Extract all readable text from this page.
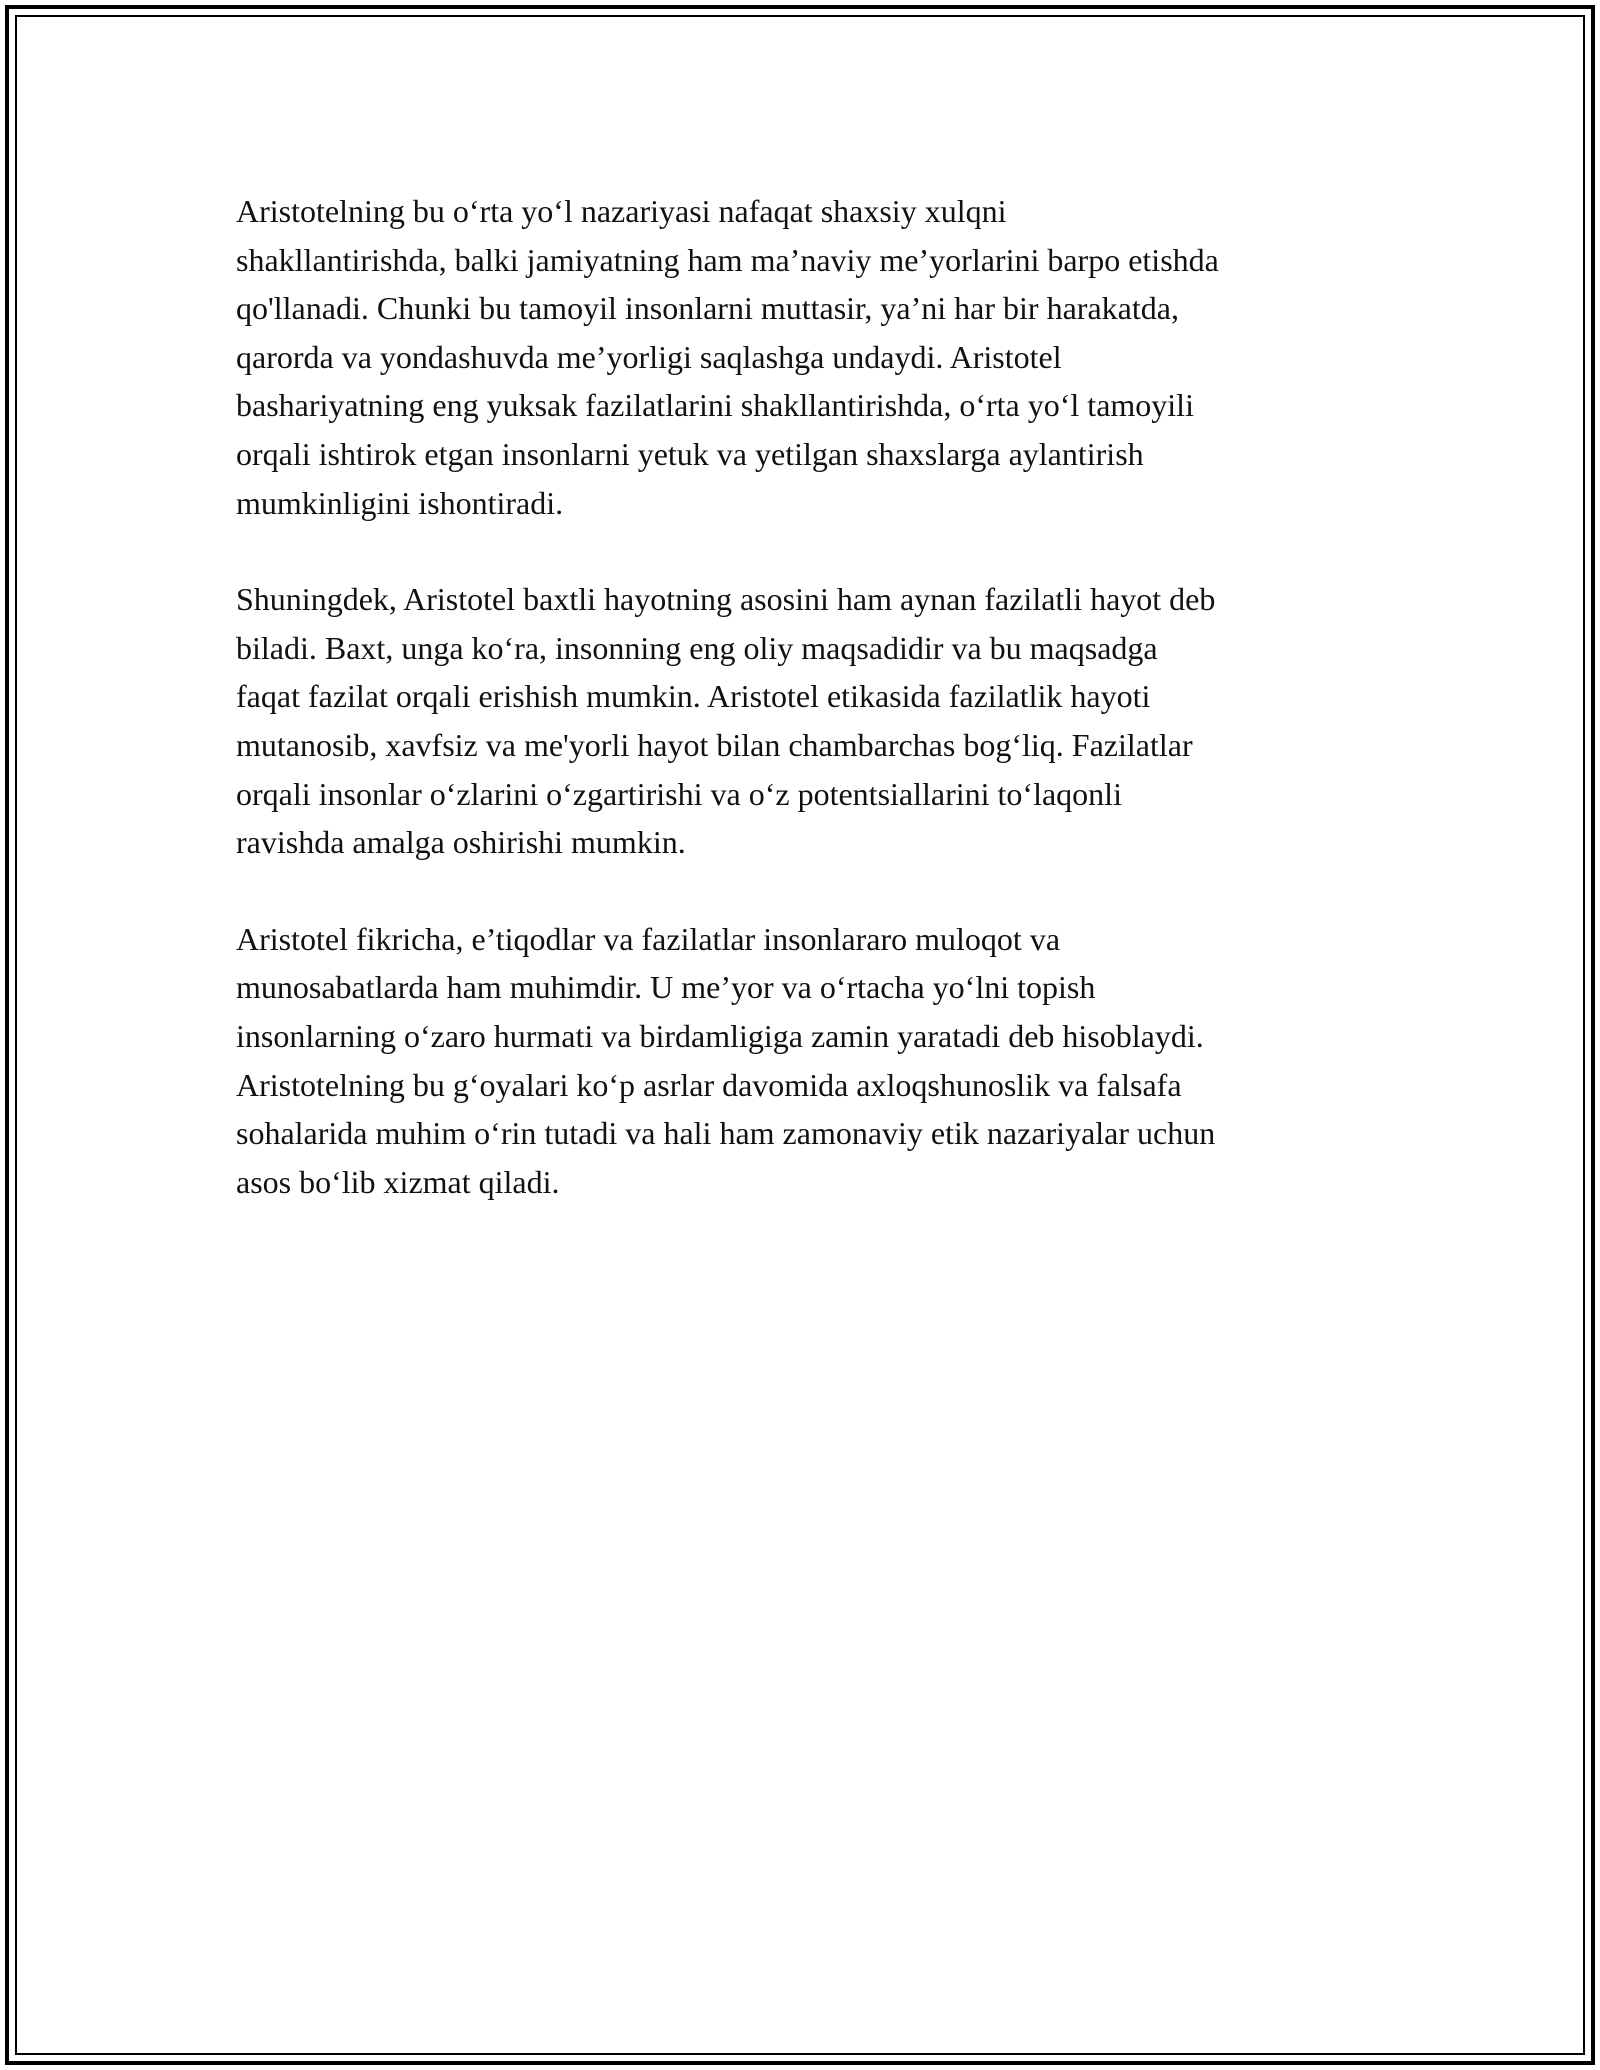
Aristotelning bu o‘rta yo‘l nazariyasi nafaqat shaxsiy xulqni
shakllantirishda, balki jamiyatning ham ma’naviy me’yorlarini barpo etishda
qo'llanadi. Chunki bu tamoyil insonlarni muttasir, ya’ni har bir harakatda,
qarorda va yondashuvda me’yorligi saqlashga undaydi. Aristotel
bashariyatning eng yuksak fazilatlarini shakllantirishda, o‘rta yo‘l tamoyili
orqali ishtirok etgan insonlarni yetuk va yetilgan shaxslarga aylantirish
mumkinligini ishontiradi.

Shuningdek, Aristotel baxtli hayotning asosini ham aynan fazilatli hayot deb
biladi. Baxt, unga ko‘ra, insonning eng oliy maqsadidir va bu maqsadga
faqat fazilat orqali erishish mumkin. Aristotel etikasida fazilatlik hayoti
mutanosib, xavfsiz va me'yorli hayot bilan chambarchas bog‘liq. Fazilatlar
orqali insonlar o‘zlarini o‘zgartirishi va o‘z potentsiallarini to‘laqonli
ravishda amalga oshirishi mumkin.

Aristotel fikricha, e’tiqodlar va fazilatlar insonlararo muloqot va
munosabatlarda ham muhimdir. U me’yor va o‘rtacha yo‘lni topish
insonlarning o‘zaro hurmati va birdamligiga zamin yaratadi deb hisoblaydi.
Aristotelning bu g‘oyalari ko‘p asrlar davomida axloqshunoslik va falsafa
sohalarida muhim o‘rin tutadi va hali ham zamonaviy etik nazariyalar uchun
asos bo‘lib xizmat qiladi.
